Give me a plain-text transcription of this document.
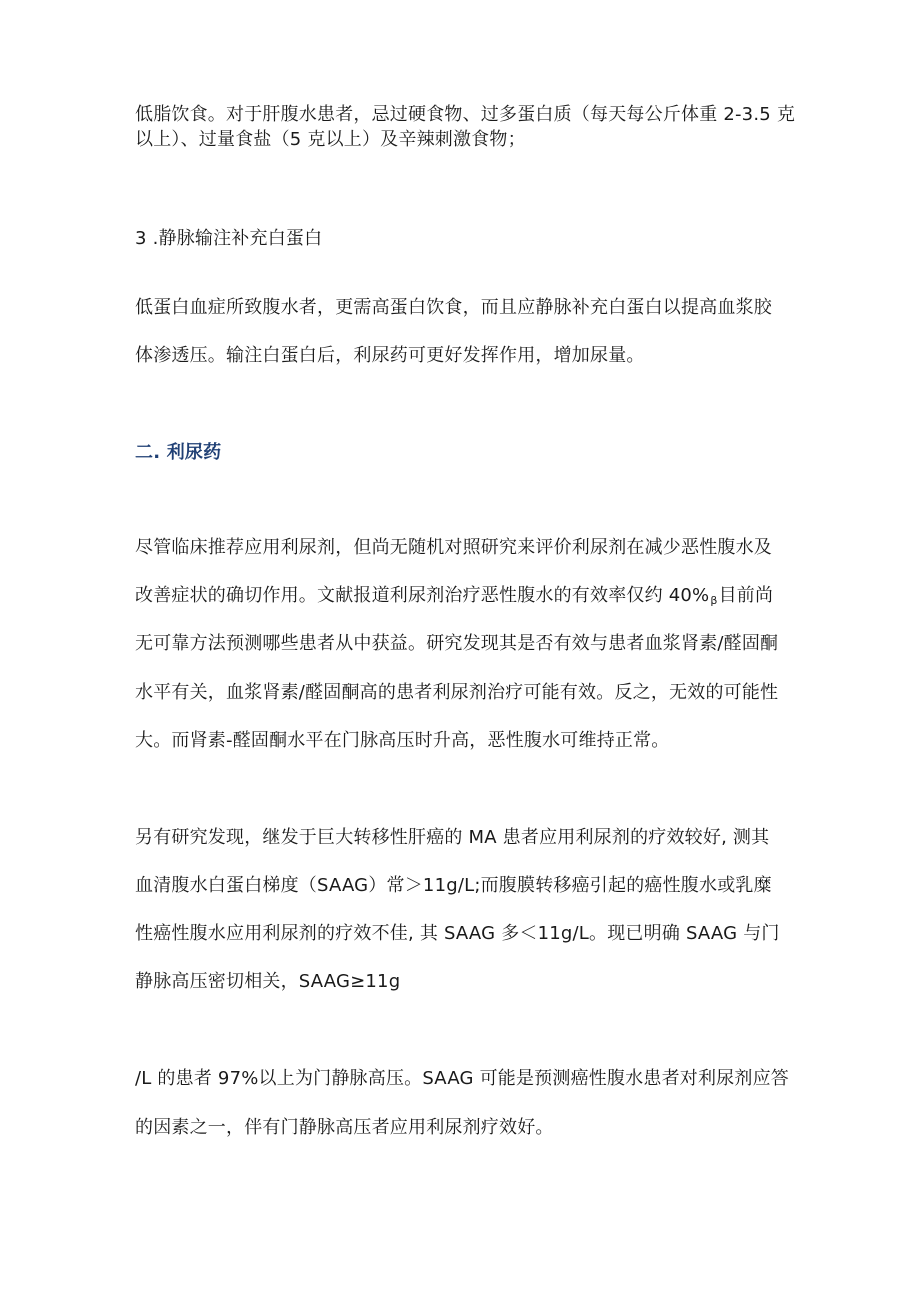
低脂饮食。对于肝腹水患者，忌过硬食物、过多蛋白质（每天每公斤体重 2-3.5 克

以上）、过量食盐（5 克以上）及辛辣刺激食物；

3 .静脉输注补充白蛋白

低蛋白血症所致腹水者，更需高蛋白饮食，而且应静脉补充白蛋白以提高血浆胶

体渗透压。输注白蛋白后，利尿药可更好发挥作用，增加尿量。

二. 利尿药

尽管临床推荐应用利尿剂，但尚无随机对照研究来评价利尿剂在减少恶性腹水及

改善症状的确切作用。文献报道利尿剂治疗恶性腹水的有效率仅约 $40\%_\beta$目前尚

无可靠方法预测哪些患者从中获益。研究发现其是否有效与患者血浆肾素/醛固酮

水平有关，血浆肾素/醛固酮高的患者利尿剂治疗可能有效。反之，无效的可能性

大。而肾素-醛固酮水平在门脉高压时升高，恶性腹水可维持正常。

另有研究发现，继发于巨大转移性肝癌的 MA 患者应用利尿剂的疗效较好, 测其

血清腹水白蛋白梯度（SAAG）常＞11g/L;而腹膜转移癌引起的癌性腹水或乳糜

性癌性腹水应用利尿剂的疗效不佳, 其 SAAG 多＜11g/L。现已明确 SAAG 与门

静脉高压密切相关，SAAG≥11g

/L 的患者 97%以上为门静脉高压。SAAG 可能是预测癌性腹水患者对利尿剂应答

的因素之一，伴有门静脉高压者应用利尿剂疗效好。
